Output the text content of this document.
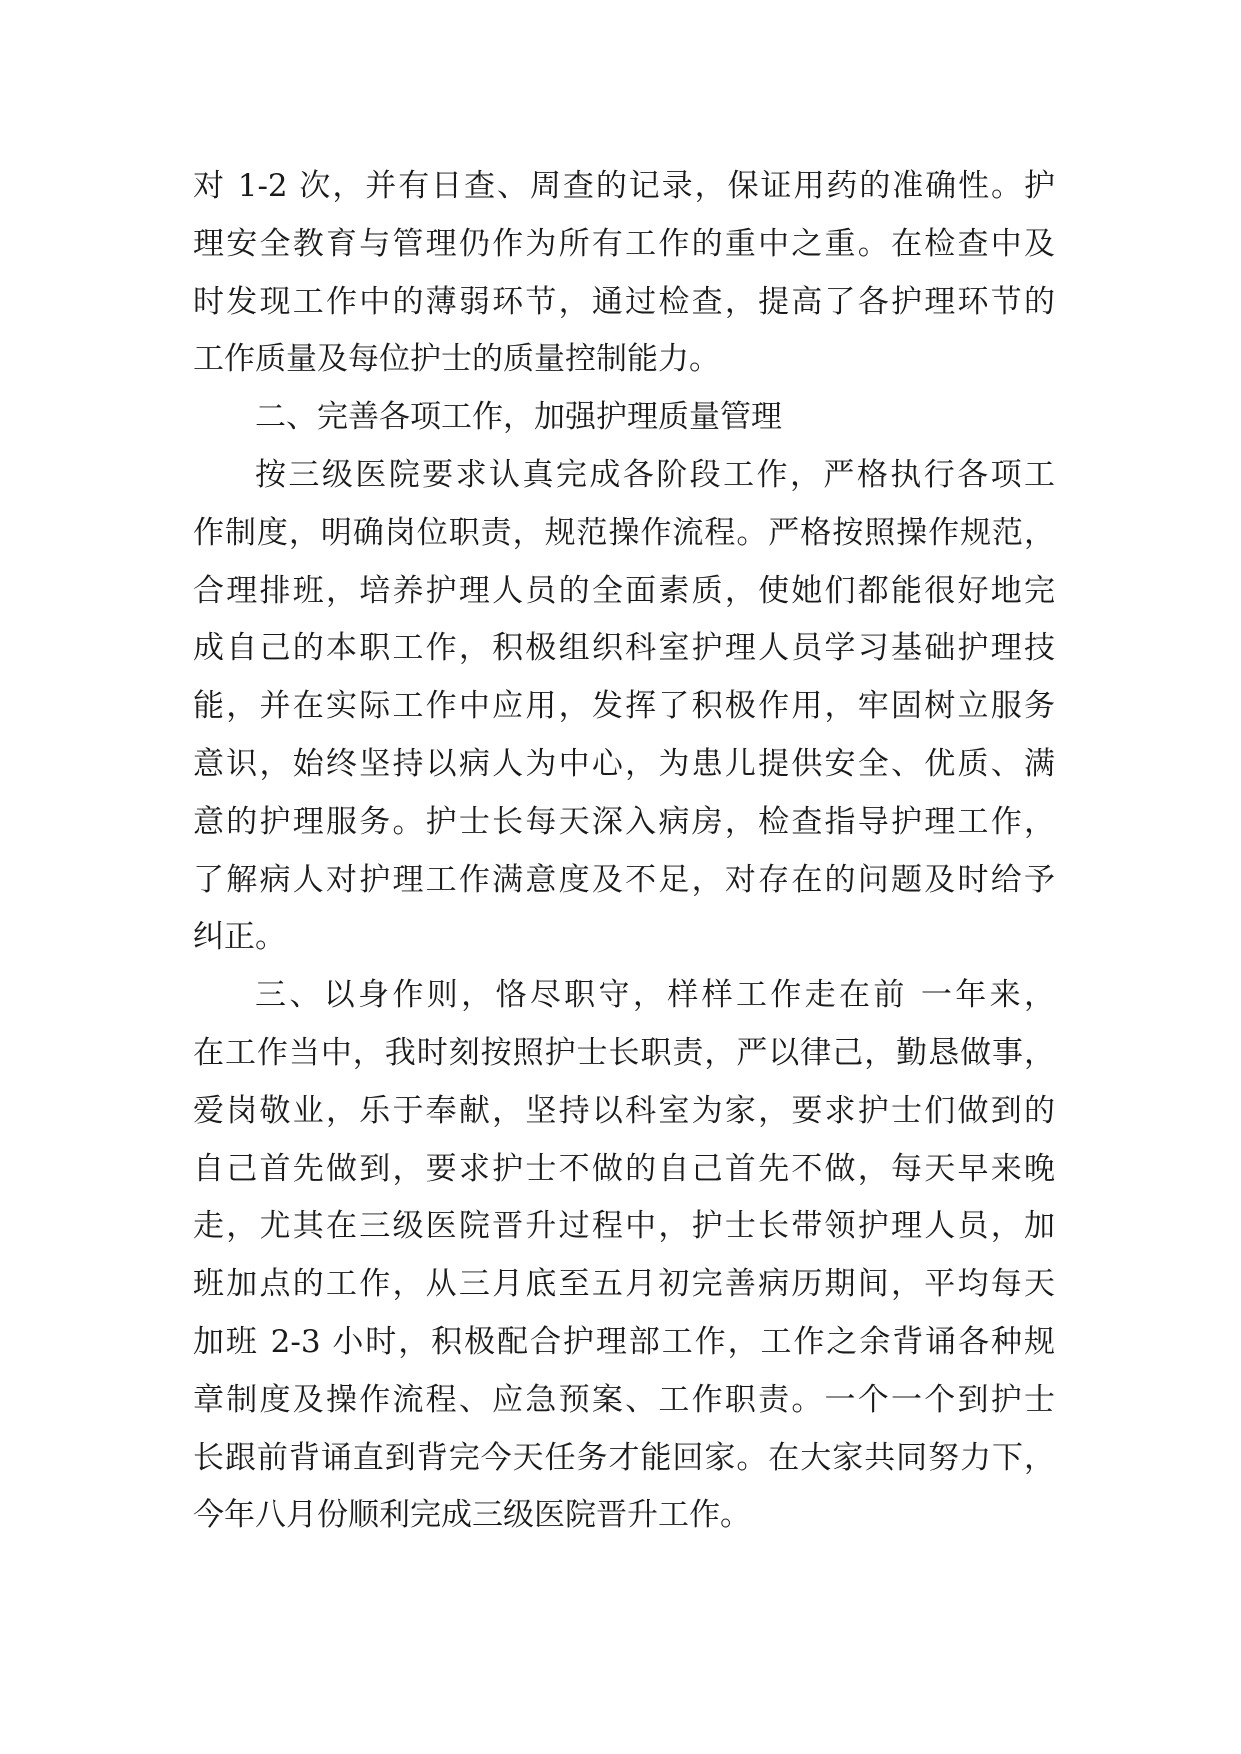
对 1-2 次，并有日查、周查的记录，保证用药的准确性。护
理安全教育与管理仍作为所有工作的重中之重。在检查中及
时发现工作中的薄弱环节，通过检查，提高了各护理环节的
工作质量及每位护士的质量控制能力。
二、完善各项工作，加强护理质量管理
按三级医院要求认真完成各阶段工作，严格执行各项工
作制度，明确岗位职责，规范操作流程。严格按照操作规范，
合理排班，培养护理人员的全面素质，使她们都能很好地完
成自己的本职工作，积极组织科室护理人员学习基础护理技
能，并在实际工作中应用，发挥了积极作用，牢固树立服务
意识，始终坚持以病人为中心，为患儿提供安全、优质、满
意的护理服务。护士长每天深入病房，检查指导护理工作，
了解病人对护理工作满意度及不足，对存在的问题及时给予
纠正。
三、以身作则，恪尽职守，样样工作走在前 一年来，
在工作当中，我时刻按照护士长职责，严以律己，勤恳做事，
爱岗敬业，乐于奉献，坚持以科室为家，要求护士们做到的
自己首先做到，要求护士不做的自己首先不做，每天早来晚
走，尤其在三级医院晋升过程中，护士长带领护理人员，加
班加点的工作，从三月底至五月初完善病历期间，平均每天
加班 2-3 小时，积极配合护理部工作，工作之余背诵各种规
章制度及操作流程、应急预案、工作职责。一个一个到护士
长跟前背诵直到背完今天任务才能回家。在大家共同努力下，
今年八月份顺利完成三级医院晋升工作。
